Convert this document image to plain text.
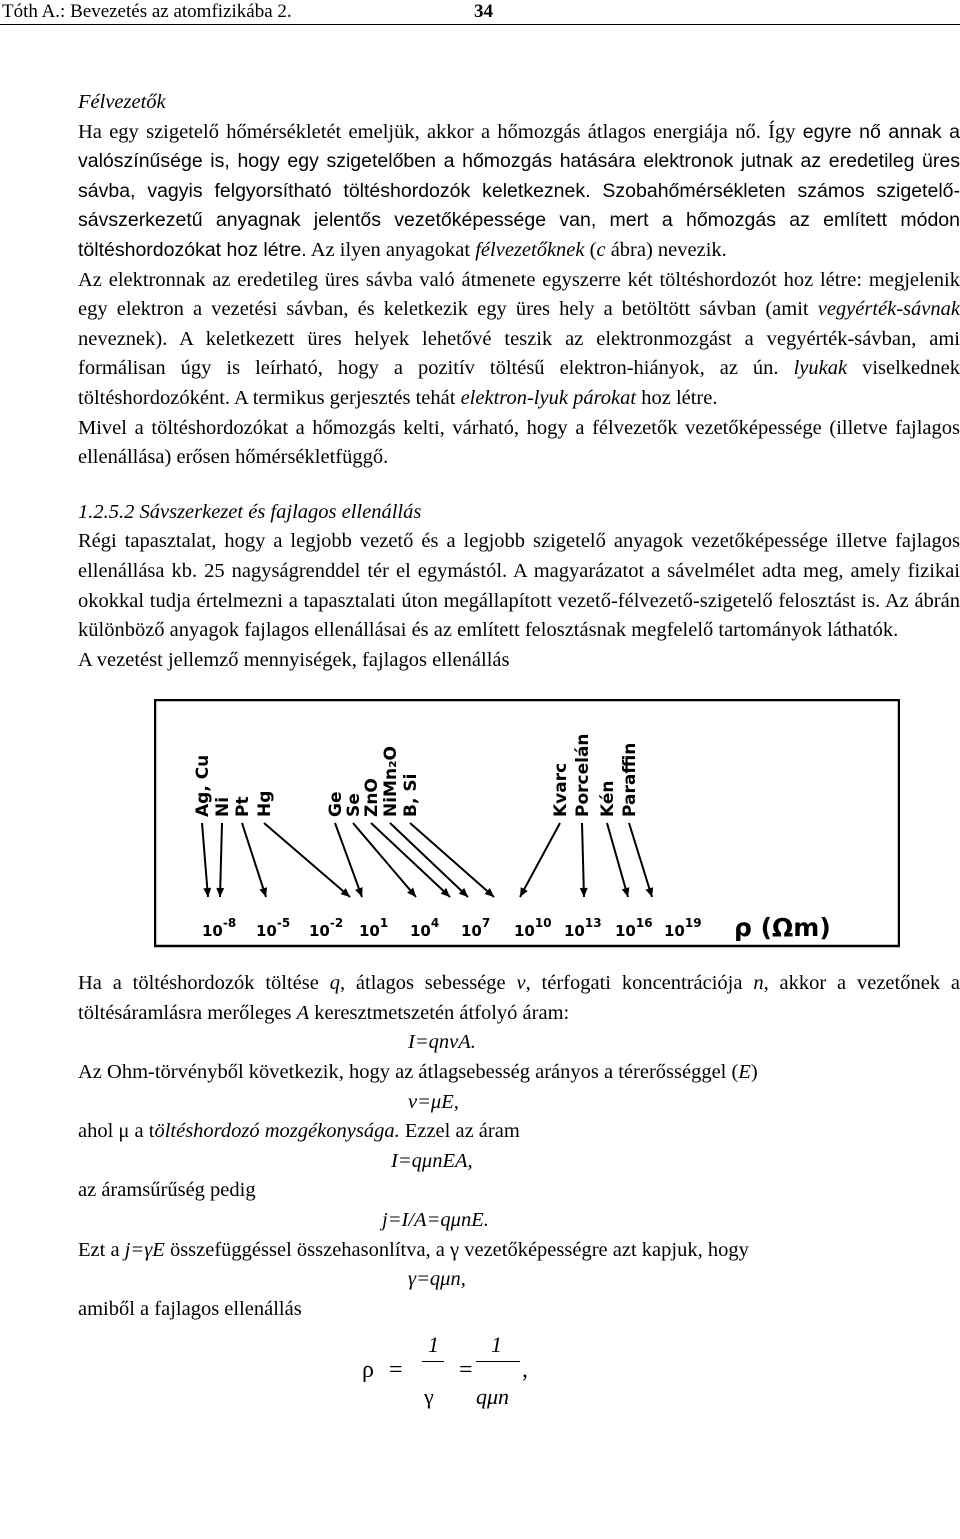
Tóth A.: Bevezetés az atomfizikába 2.	34

Félvezetők

Ha egy szigetelő hőmérsékletét emeljük, akkor a hőmozgás átlagos energiája nő. Így egyre nő annak a valószínűsége is, hogy egy szigetelőben a hőmozgás hatására elektronok jutnak az eredetileg üres sávba, vagyis felgyorsítható töltéshordozók keletkeznek. Szobahőmérsékleten számos szigetelő-sávszerkezetű anyagnak jelentős vezetőképessége van, mert a hőmozgás az említett módon töltéshordozókat hoz létre. Az ilyen anyagokat félvezetőknek (c ábra) nevezik.

Az elektronnak az eredetileg üres sávba való átmenete egyszerre két töltéshordozót hoz létre: megjelenik egy elektron a vezetési sávban, és keletkezik egy üres hely a betöltött sávban (amit vegyérték-sávnak neveznek). A keletkezett üres helyek lehetővé teszik az elektronmozgást a vegyérték-sávban, ami formálisan úgy is leírható, hogy a pozitív töltésű elektron-hiányok, az ún. lyukak viselkednek töltéshordozóként. A termikus gerjesztés tehát elektron-lyuk párokat hoz létre.

Mivel a töltéshordozókat a hőmozgás kelti, várható, hogy a félvezetők vezetőképessége (illetve fajlagos ellenállása) erősen hőmérsékletfüggő.

1.2.5.2 Sávszerkezet és fajlagos ellenállás

Régi tapasztalat, hogy a legjobb vezető és a legjobb szigetelő anyagok vezetőképessége illetve fajlagos ellenállása kb. 25 nagyságrenddel tér el egymástól. A magyarázatot a sávelmélet adta meg, amely fizikai okokkal tudja értelmezni a tapasztalati úton megállapított vezető-félvezető-szigetelő felosztást is. Az ábrán különböző anyagok fajlagos ellenállásai és az említett felosztásnak megfelelő tartományok láthatók.

A vezetést jellemző mennyiségek, fajlagos ellenállás

Ag, Cu Ni Pt Hg	Ge
Se
ZnO NiMn₂O B, Si	Kvarc Porcelán Kén Paraffin
$10^{-8}$ $10^{-5}$ $10^{-2}$ $10^1$ $10^4$ $10^7$ $10^{10}$ $10^{13}$ $10^{16}$ $10^{19}$ ρ (Ωm)

Ha a töltéshordozók töltése q, átlagos sebessége v, térfogati koncentrációja n, akkor a vezetőnek a töltésáramlásra merőleges A keresztmetszetén átfolyó áram:

I=qnvA.

Az Ohm-törvényből következik, hogy az átlagsebesség arányos a térerősséggel (E)

v=μE,

ahol μ a töltéshordozó mozgékonysága. Ezzel az áram

I=qμnEA,

az áramsűrűség pedig

j=I/A=qμnE.

Ezt a j=γE összefüggéssel összehasonlítva, a γ vezetőképességre azt kapjuk, hogy

γ=qμn,

amiből a fajlagos ellenállás

ρ =
1
γ
=
1
qμn
,
